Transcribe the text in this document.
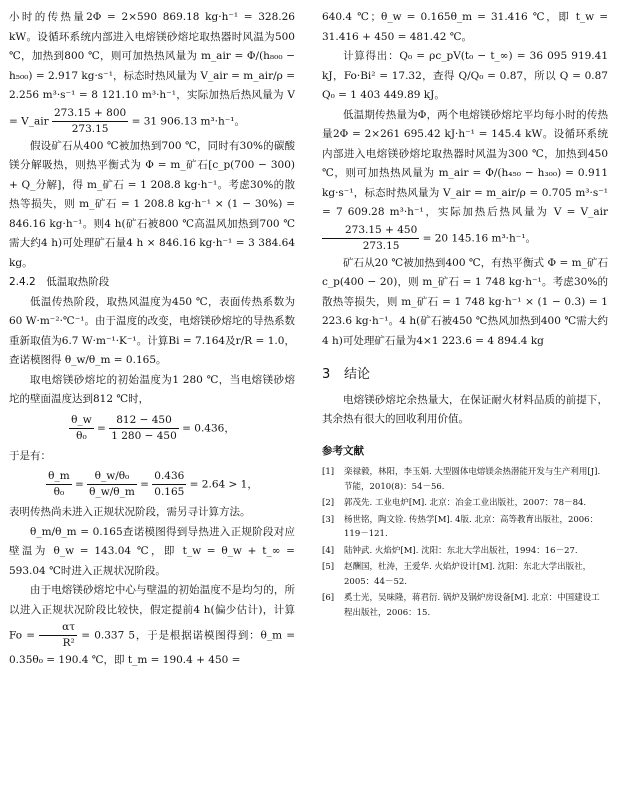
小时的传热量2Φ = 2×590 869.18 kg·h⁻¹ = 328.26 kW。设循环系统内部进入电熔镁砂熔坨取热器时风温为500 ℃，加热到800 ℃，则可加热热风量为 m_air = Φ/(h₈₀₀ − h₅₀₀) = 2.917 kg·s⁻¹，标态时热风量为 V_air = m_air/ρ = 2.256 m³·s⁻¹ = 8 121.10 m³·h⁻¹，实际加热后热风量为 V = V_air $\frac{273.15 + 800}{273.15} = 31$ 906.13 m³·h⁻¹。

假设矿石从400 ℃被加热到700 ℃，同时有30%的碳酸镁分解吸热，则热平衡式为 Φ = m_矿石[c_p(700 − 300) + Q_分解]，得 m_矿石 = 1 208.8 kg·h⁻¹。考虑30%的散热等损失，则 m_矿石 = 1 208.8 kg·h⁻¹ × (1 − 30%) = 846.16 kg·h⁻¹。则4 h(矿石被800 ℃高温风加热到700 ℃需大约4 h)可处理矿石量4 h × 846.16 kg·h⁻¹ = 3 384.64 kg。

2.4.2　低温取热阶段

低温传热阶段，取热风温度为450 ℃，表面传热系数为60 W·m⁻²·℃⁻¹。由于温度的改变，电熔镁砂熔坨的导热系数重新取值为6.7 W·m⁻¹·K⁻¹。计算Bi = 7.164及r/R = 1.0，查诺模图得 θ_w/θ_m = 0.165。

取电熔镁砂熔坨的初始温度为1 280 ℃，当电熔镁砂熔坨的壁面温度达到812 ℃时，

$\frac{\theta\_w}{\text{θ₀}} = \frac{812 - 450}{1 280 - 450} = 0.436$，

于是有：

$\frac{\theta\_m}{\text{θ₀}} = \frac{\text{θ\_w/θ₀}}{\theta\_w/\theta\_m} = \frac{0.436}{0.165} = 2.64 > 1$，

表明传热尚未进入正规状况阶段，需另寻计算方法。

θ_m/θ_m = 0.165查诺模图得到导热进入正规阶段对应壁温为 θ_w = 143.04 ℃，即 t_w = θ_w + t_∞ = 593.04 ℃时进入正规状况阶段。

由于电熔镁砂熔坨中心与壁温的初始温度不是均匀的，所以进入正规状况阶段比较快，假定提前4 h(偏少估计)，计算 $Fo = \frac{\alpha\tau}{\text{R²}} = 0.337$ 5，于是根据诺模图得到：θ_m = 0.35θ₀ = 190.4 ℃，即 t_m = 190.4 + 450 =

640.4 ℃；θ_w = 0.165θ_m = 31.416 ℃，即 t_w = 31.416 + 450 = 481.42 ℃。

计算得出：Q₀ = ρc_pV(t₀ − t_∞) = 36 095 919.41 kJ，Fo·Bi² = 17.32，查得 Q/Q₀ = 0.87，所以 Q = 0.87 Q₀ = 1 403 449.89 kJ。

低温期传热量为Φ，两个电熔镁砂熔坨平均每小时的传热量2Φ = 2×261 695.42 kJ·h⁻¹ = 145.4 kW。设循环系统内部进入电熔镁砂熔坨取热器时风温为300 ℃，加热到450 ℃，则可加热热风量为 m_air = Φ/(h₄₅₀ − h₃₀₀) = 0.911 kg·s⁻¹，标态时热风量为 V_air = m_air/ρ = 0.705 m³·s⁻¹ = 7 609.28 m³·h⁻¹，实际加热后热风量为 V = V_air
$\frac{273.15 + 450}{273.15} = 20$ 145.16 m³·h⁻¹。

矿石从20 ℃被加热到400 ℃，有热平衡式 Φ = m_矿石c_p(400 − 20)，则 m_矿石 = 1 748 kg·h⁻¹。考虑30%的散热等损失，则 m_矿石 = 1 748 kg·h⁻¹ × (1 − 0.3) = 1 223.6 kg·h⁻¹。4 h(矿石被450 ℃热风加热到400 ℃需大约4 h)可处理矿石量为4×1 223.6 = 4 894.4 kg

3 结论

电熔镁砂熔坨余热量大，在保证耐火材料品质的前提下，其余热有很大的回收利用价值。

参考文献
[1]	栾禄毅，林阳，李玉娟. 大型圆体电熔镁余热潜能开发与生产利用[J]. 节能，2010(8)：54－56.
[2]	郭茂先. 工业电炉[M]. 北京：冶金工业出版社，2007：78－84.
[3]	杨世铭，陶文铨. 传热学[M]. 4版. 北京：高等教育出版社，2006：119－121.
[4]	陆钟武. 火焰炉[M]. 沈阳：东北大学出版社，1994：16－27.
[5]	赵酬国，杜涛，王爱华. 火焰炉设计[M]. 沈阳：东北大学出版社，2005：44－52.
[6]	奚士光，吴味隆，蒋君衍. 锅炉及锅炉房设备[M]. 北京：中国建设工程出版社，2006：15.
